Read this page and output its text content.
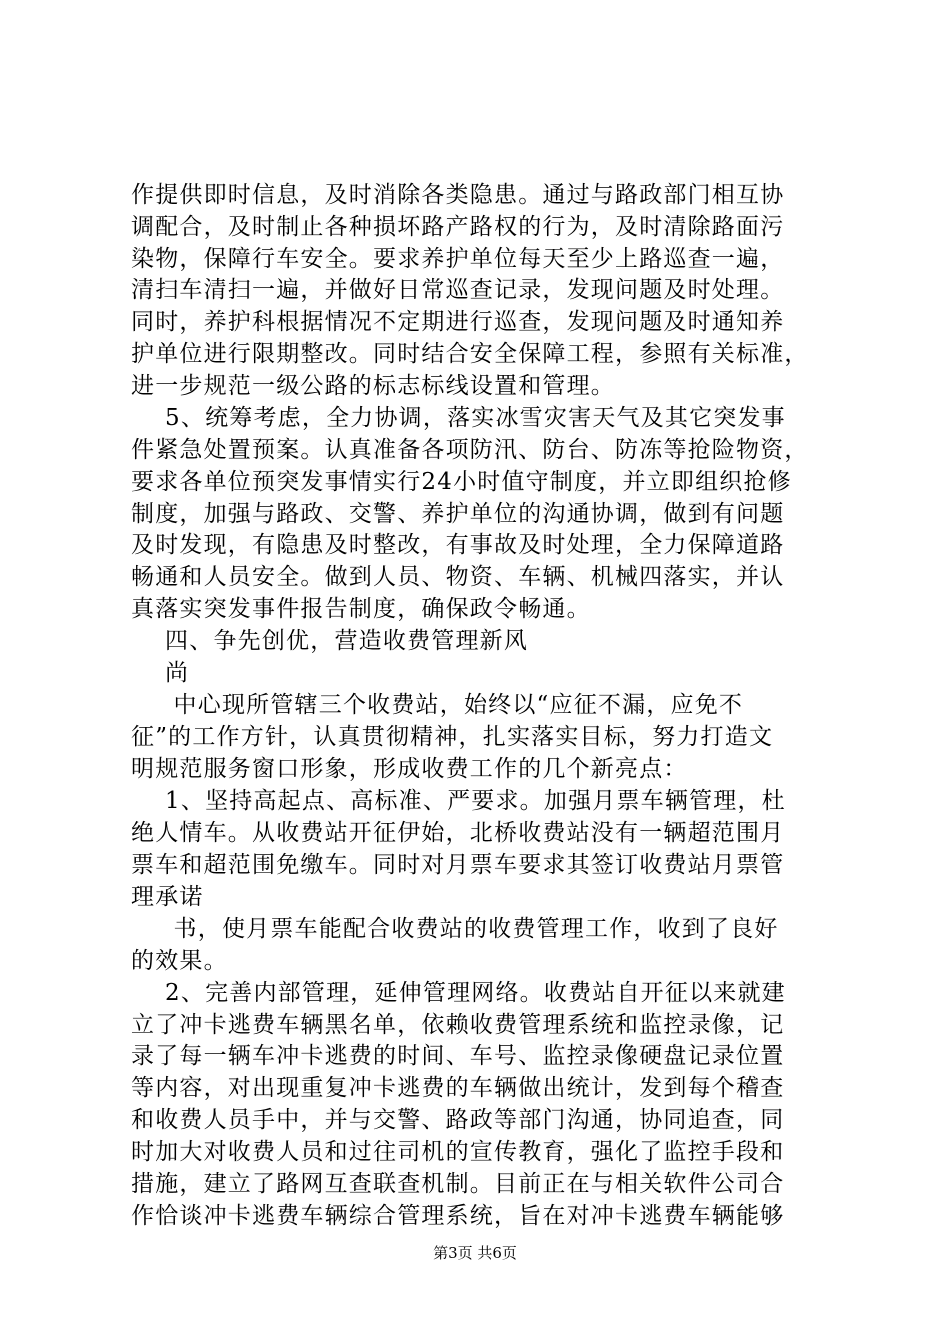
作提供即时信息，及时消除各类隐患。通过与路政部门相互协
调配合，及时制止各种损坏路产路权的行为，及时清除路面污
染物，保障行车安全。要求养护单位每天至少上路巡查一遍，
清扫车清扫一遍，并做好日常巡查记录，发现问题及时处理。
同时，养护科根据情况不定期进行巡查，发现问题及时通知养
护单位进行限期整改。同时结合安全保障工程，参照有关标准，
进一步规范一级公路的标志标线设置和管理。
5、统筹考虑，全力协调，落实冰雪灾害天气及其它突发事
件紧急处置预案。认真准备各项防汛、防台、防冻等抢险物资，
要求各单位预突发事情实行24小时值守制度，并立即组织抢修
制度，加强与路政、交警、养护单位的沟通协调，做到有问题
及时发现，有隐患及时整改，有事故及时处理，全力保障道路
畅通和人员安全。做到人员、物资、车辆、机械四落实，并认
真落实突发事件报告制度，确保政令畅通。
四、争先创优，营造收费管理新风
尚
中心现所管辖三个收费站，始终以“应征不漏，应免不
征”的工作方针，认真贯彻精神，扎实落实目标，努力打造文
明规范服务窗口形象，形成收费工作的几个新亮点：
1、坚持高起点、高标准、严要求。加强月票车辆管理，杜
绝人情车。从收费站开征伊始，北桥收费站没有一辆超范围月
票车和超范围免缴车。同时对月票车要求其签订收费站月票管
理承诺
书，使月票车能配合收费站的收费管理工作，收到了良好
的效果。
2、完善内部管理，延伸管理网络。收费站自开征以来就建
立了冲卡逃费车辆黑名单，依赖收费管理系统和监控录像，记
录了每一辆车冲卡逃费的时间、车号、监控录像硬盘记录位置
等内容，对出现重复冲卡逃费的车辆做出统计，发到每个稽查
和收费人员手中，并与交警、路政等部门沟通，协同追查，同
时加大对收费人员和过往司机的宣传教育，强化了监控手段和
措施，建立了路网互查联查机制。目前正在与相关软件公司合
作恰谈冲卡逃费车辆综合管理系统，旨在对冲卡逃费车辆能够
第3页 共6页
